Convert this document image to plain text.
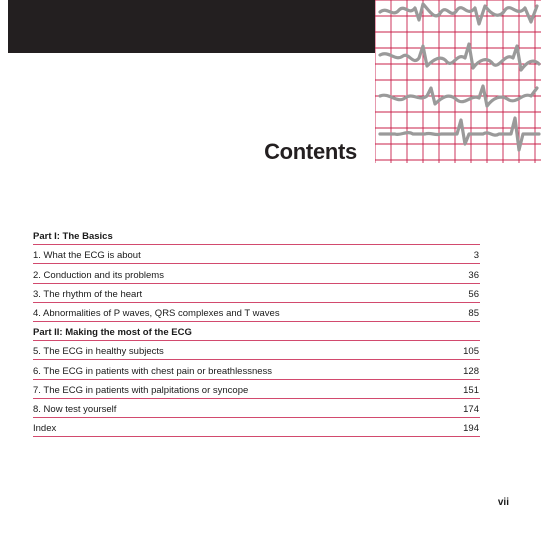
Contents
Part I: The Basics
1. What the ECG is about	3
2. Conduction and its problems	36
3. The rhythm of the heart	56
4. Abnormalities of P waves, QRS complexes and T waves	85
Part II: Making the most of the ECG
5. The ECG in healthy subjects	105
6. The ECG in patients with chest pain or breathlessness	128
7. The ECG in patients with palpitations or syncope	151
8. Now test yourself	174
Index	194
vii
